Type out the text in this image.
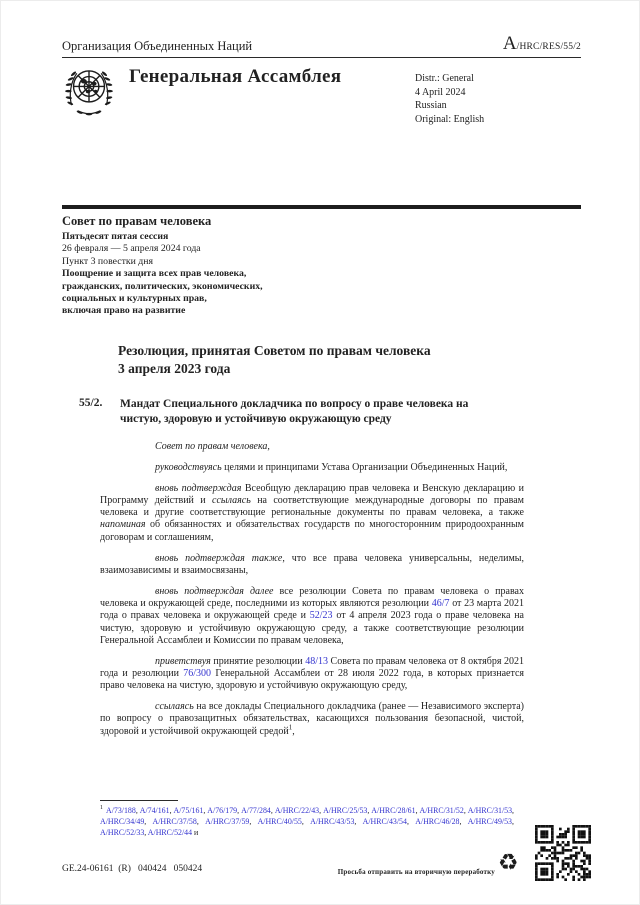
Организация Объединенных Наций	A/HRC/RES/55/2
Генеральная Ассамблея	Distr.: General
4 April 2024
Russian
Original: English
Совет по правам человека
Пятьдесят пятая сессия
26 февраля — 5 апреля 2024 года
Пункт 3 повестки дня
Поощрение и защита всех прав человека,
гражданских, политических, экономических,
социальных и культурных прав,
включая право на развитие
Резолюция, принятая Советом по правам человека
3 апреля 2023 года
55/2. Мандат Специального докладчика по вопросу о праве человека на чистую, здоровую и устойчивую окружающую среду

Совет по правам человека,

руководствуясь целями и принципами Устава Организации Объединенных Наций,

вновь подтверждая Всеобщую декларацию прав человека и Венскую декларацию и Программу действий и ссылаясь на соответствующие международные договоры по правам человека и другие соответствующие региональные документы по правам человека, а также напоминая об обязанностях и обязательствах государств по многосторонним природоохранным договорам и соглашениям,

вновь подтверждая также, что все права человека универсальны, неделимы, взаимозависимы и взаимосвязаны,

вновь подтверждая далее все резолюции Совета по правам человека о правах человека и окружающей среде, последними из которых являются резолюции 46/7 от 23 марта 2021 года о правах человека и окружающей среде и 52/23 от 4 апреля 2023 года о праве человека на чистую, здоровую и устойчивую окружающую среду, а также соответствующие резолюции Генеральной Ассамблеи и Комиссии по правам человека,

приветствуя принятие резолюции 48/13 Совета по правам человека от 8 октября 2021 года и резолюции 76/300 Генеральной Ассамблеи от 28 июля 2022 года, в которых признается право человека на чистую, здоровую и устойчивую окружающую среду,

ссылаясь на все доклады Специального докладчика (ранее — Независимого эксперта) по вопросу о правозащитных обязательствах, касающихся пользования безопасной, чистой, здоровой и устойчивой окружающей средой$^1$,

$^1$ A/73/188, A/74/161, A/75/161, A/76/179, A/77/284, A/HRC/22/43, A/HRC/25/53, A/HRC/28/61, A/HRC/31/52, A/HRC/31/53, A/HRC/34/49, A/HRC/37/58, A/HRC/37/59, A/HRC/40/55, A/HRC/43/53, A/HRC/43/54, A/HRC/46/28, A/HRC/49/53, A/HRC/52/33, A/HRC/52/44 и
GE.24-06161  (R)   040424   050424	Просьба отправить на вторичную переработку ♻
